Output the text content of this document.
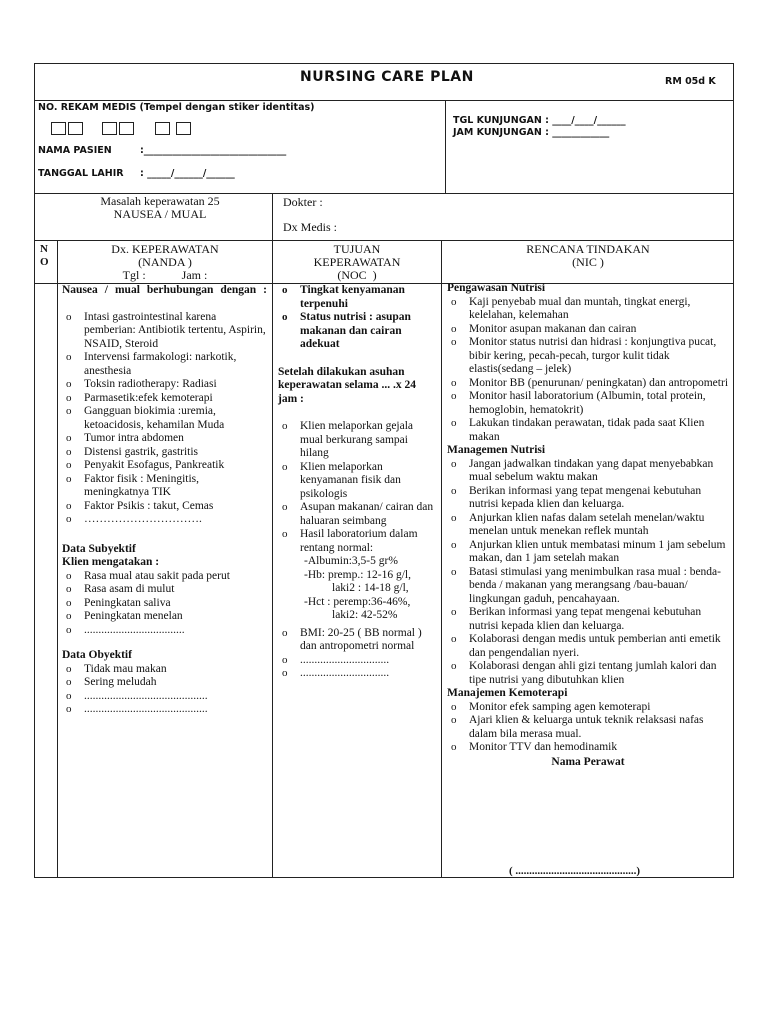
NURSING CARE PLAN	RM 05d K
NO. REKAM MEDIS (Tempel dengan stiker identitas)
NAMA PASIEN	:______________________________
TANGGAL LAHIR : _____/______/______
TGL KUNJUNGAN : ____/____/______
JAM KUNJUNGAN : ____________
Masalah keperawatan 25
NAUSEA / MUAL
Dokter :
Dx Medis :
N
O
Dx. KEPERAWATAN
(NANDA )
Tgl :            Jam :
TUJUAN
KEPERAWATAN
(NOC  )
RENCANA TINDAKAN
(NIC )
Nausea / mual berhubungan dengan :
o Intasi gastrointestinal karena pemberian: Antibiotik tertentu, Aspirin, NSAID, Steroid
o Intervensi farmakologi: narkotik, anesthesia
o Toksin radiotherapy: Radiasi
o Parmasetik:efek kemoterapi
o Gangguan biokimia :uremia, ketoacidosis, kehamilan Muda
o Tumor intra abdomen
o Distensi gastrik, gastritis
o Penyakit Esofagus, Pankreatik
o Faktor fisik : Meningitis, meningkatnya TIK
o Faktor Psikis : takut, Cemas
o ………………………….
Data Subyektif
Klien mengatakan :
o Rasa mual atau sakit pada perut
o Rasa asam di mulut
o Peningkatan saliva
o Peningkatan menelan
o ...................................
Data Obyektif
o Tidak mau makan
o Sering meludah
o ...........................................
o ...........................................
o Tingkat kenyamanan terpenuhi
o Status nutrisi : asupan makanan dan cairan adekuat
Setelah dilakukan asuhan keperawatan selama ... .x 24 jam :
o Klien melaporkan gejala mual berkurang sampai hilang
o Klien melaporkan kenyamanan fisik dan psikologis
o Asupan makanan/ cairan dan haluaran seimbang
o Hasil laboratorium dalam rentang normal:
-Albumin:3,5-5 gr%
-Hb: premp.: 12-16 g/l,
laki2 : 14-18 g/l,
-Hct : peremp:36-46%,
laki2: 42-52%
o BMI: 20-25 ( BB normal ) dan antropometri normal
o ...............................
o ...............................
Pengawasan Nutrisi
o Kaji penyebab mual dan muntah, tingkat energi, kelelahan, kelemahan
o Monitor asupan makanan dan cairan
o Monitor status nutrisi dan hidrasi : konjungtiva pucat, bibir kering, pecah-pecah, turgor kulit tidak elastis(sedang – jelek)
o Monitor BB (penurunan/ peningkatan) dan antropometri
o Monitor hasil laboratorium (Albumin, total protein, hemoglobin, hematokrit)
o Lakukan tindakan perawatan, tidak pada saat Klien makan
Managemen Nutrisi
o Jangan jadwalkan tindakan yang dapat menyebabkan mual sebelum waktu makan
o Berikan informasi yang tepat mengenai kebutuhan nutrisi kepada klien dan keluarga.
o Anjurkan klien nafas dalam setelah menelan/waktu menelan untuk menekan reflek muntah
o Anjurkan klien untuk membatasi minum 1 jam sebelum makan, dan 1 jam setelah makan
o Batasi stimulasi yang menimbulkan rasa mual : benda-benda / makanan yang merangsang /bau-bauan/ lingkungan gaduh, pencahayaan.
o Berikan informasi yang tepat mengenai kebutuhan nutrisi kepada klien dan keluarga.
o Kolaborasi dengan medis untuk pemberian anti emetik dan pengendalian nyeri.
o Kolaborasi dengan ahli gizi tentang jumlah kalori dan tipe nutrisi yang dibutuhkan klien
Manajemen Kemoterapi
o Monitor efek samping agen kemoterapi
o Ajari klien & keluarga untuk teknik relaksasi nafas dalam bila merasa mual.
o Monitor TTV dan hemodinamik
Nama Perawat
( ............................................)
